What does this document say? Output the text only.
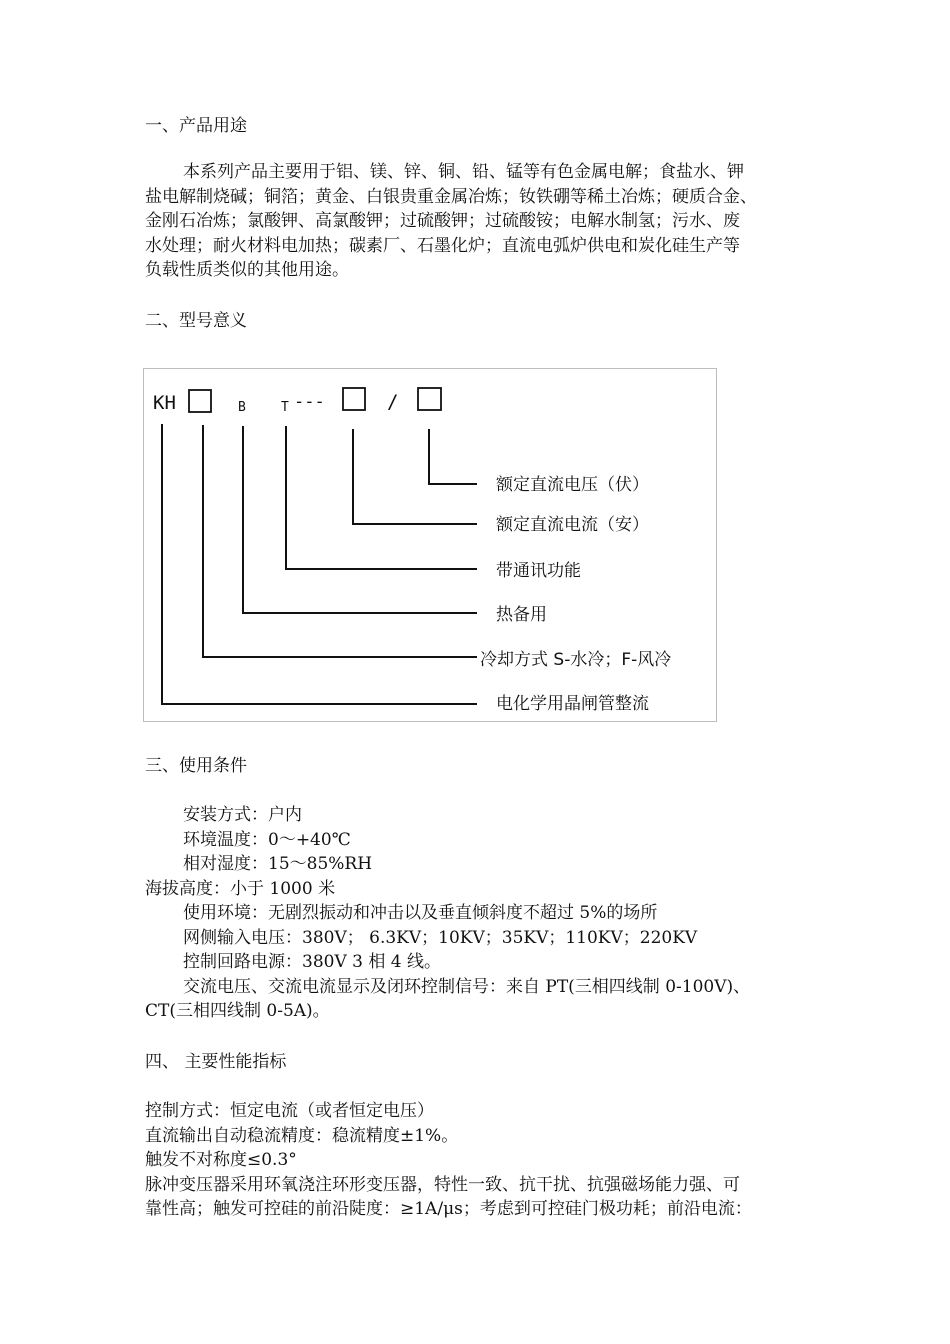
一、产品用途
本系列产品主要用于铝、镁、锌、铜、铅、锰等有色金属电解；食盐水、钾
盐电解制烧碱；铜箔；黄金、白银贵重金属冶炼；钕铁硼等稀土冶炼；硬质合金、
金刚石冶炼；氯酸钾、高氯酸钾；过硫酸钾；过硫酸铵；电解水制氢；污水、废
水处理；耐火材料电加热；碳素厂、石墨化炉；直流电弧炉供电和炭化硅生产等
负载性质类似的其他用途。
二、型号意义
KH	B	T ---	/
额定直流电压（伏）
额定直流电流（安）
带通讯功能
热备用
冷却方式 S-水冷；F-风冷
电化学用晶闸管整流
三、使用条件
安装方式：户内
环境温度：0～+40℃
相对湿度：15～85%RH
海拔高度：小于 1000 米
使用环境：无剧烈振动和冲击以及垂直倾斜度不超过 5%的场所
网侧输入电压：380V； 6.3KV；10KV；35KV；110KV；220KV
控制回路电源：380V 3 相 4 线。
交流电压、交流电流显示及闭环控制信号：来自 PT(三相四线制 0-100V)、
CT(三相四线制 0-5A)。
四、 主要性能指标
控制方式：恒定电流（或者恒定电压）
直流输出自动稳流精度：稳流精度±1%。
触发不对称度≤0.3°
脉冲变压器采用环氧浇注环形变压器，特性一致、抗干扰、抗强磁场能力强、可
靠性高；触发可控硅的前沿陡度：≥1A/μs；考虑到可控硅门极功耗；前沿电流：
